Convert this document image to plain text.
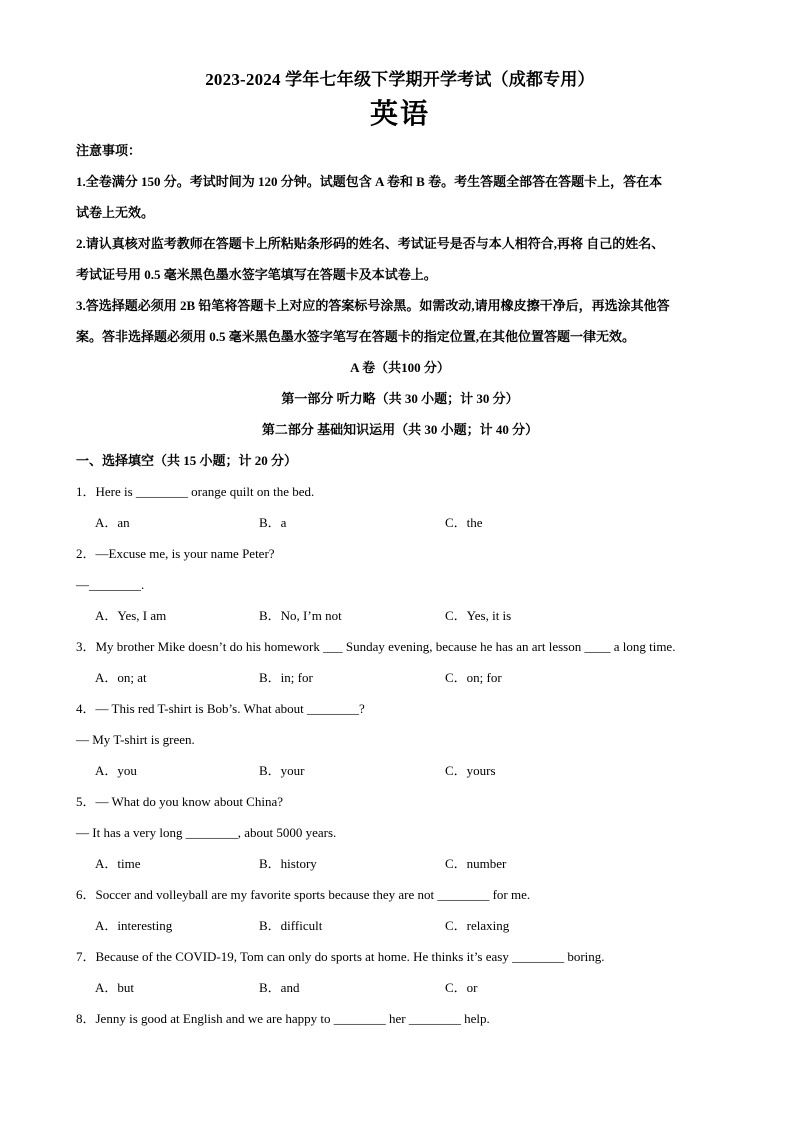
2023-2024 学年七年级下学期开学考试（成都专用）
英语

注意事项：

1.全卷满分 150 分。考试时间为 120 分钟。试题包含 A 卷和 B 卷。考生答题全部答在答题卡上，答在本

试卷上无效。

2.请认真核对监考教师在答题卡上所粘贴条形码的姓名、考试证号是否与本人相符合,再将 自己的姓名、

考试证号用 0.5 毫米黑色墨水签字笔填写在答题卡及本试卷上。

3.答选择题必须用 2B 铅笔将答题卡上对应的答案标号涂黑。如需改动,请用橡皮擦干净后，再选涂其他答

案。答非选择题必须用 0.5 毫米黑色墨水签字笔写在答题卡的指定位置,在其他位置答题一律无效。

A 卷（共100 分）

第一部分 听力略（共 30 小题；计 30 分）

第二部分 基础知识运用（共 30 小题；计 40 分）

一、选择填空（共 15 小题；计 20 分）

1．Here is ________ orange quilt on the bed.

A．an	B．a	C．the

2．—Excuse me, is your name Peter?

—________.

A．Yes, I am	B．No, I’m not	C．Yes, it is

3．My brother Mike doesn’t do his homework ___ Sunday evening, because he has an art lesson ____ a long time.

A．on; at	B．in; for	C．on; for

4．— This red T-shirt is Bob’s. What about ________?

— My T-shirt is green.

A．you	B．your	C．yours

5．— What do you know about China?

— It has a very long ________, about 5000 years.

A．time	B．history	C．number

6．Soccer and volleyball are my favorite sports because they are not ________ for me.

A．interesting	B．difficult	C．relaxing

7．Because of the COVID-19, Tom can only do sports at home. He thinks it’s easy ________ boring.

A．but	B．and	C．or

8．Jenny is good at English and we are happy to ________ her ________ help.
